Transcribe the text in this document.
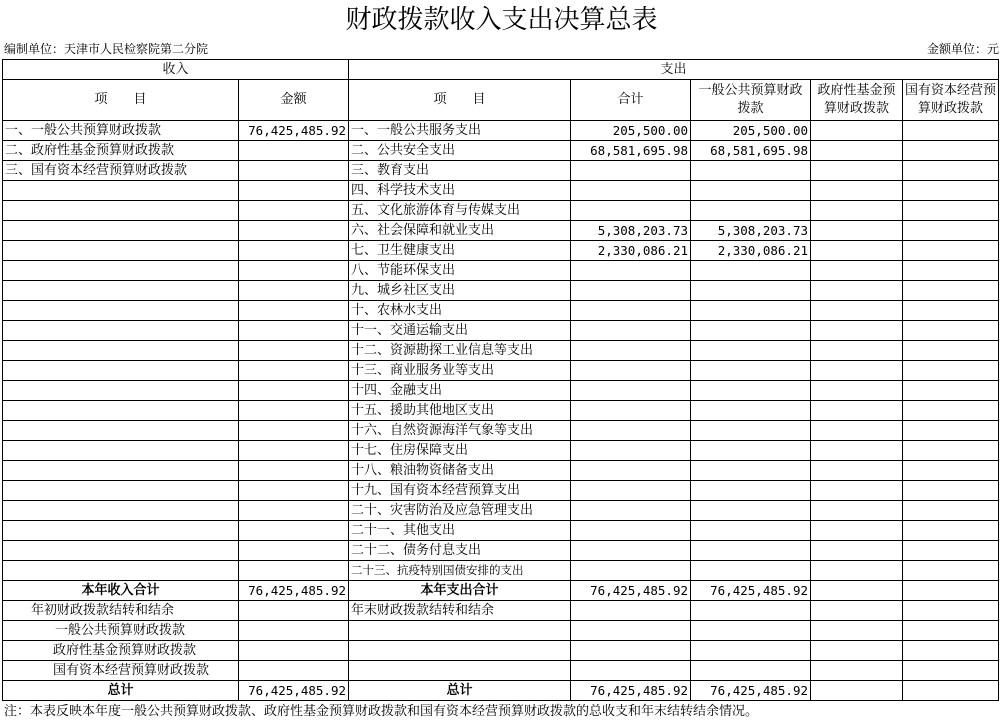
财政拨款收入支出决算总表
编制单位：天津市人民检察院第二分院	金额单位：元
收入		支出				
项　　目	金额	项　　目	合计	一般公共预算财政拨款	政府性基金预算财政拨款	国有资本经营预算财政拨款
一、一般公共预算财政拨款	76,425,485.92	一、一般公共服务支出	205,500.00	205,500.00		
二、政府性基金预算财政拨款		二、公共安全支出	68,581,695.98	68,581,695.98		
三、国有资本经营预算财政拨款		三、教育支出				
		四、科学技术支出				
		五、文化旅游体育与传媒支出				
		六、社会保障和就业支出	5,308,203.73	5,308,203.73		
		七、卫生健康支出	2,330,086.21	2,330,086.21		
		八、节能环保支出				
		九、城乡社区支出				
		十、农林水支出				
		十一、交通运输支出				
		十二、资源勘探工业信息等支出				
		十三、商业服务业等支出				
		十四、金融支出				
		十五、援助其他地区支出				
		十六、自然资源海洋气象等支出				
		十七、住房保障支出				
		十八、粮油物资储备支出				
		十九、国有资本经营预算支出				
		二十、灾害防治及应急管理支出				
		二十一、其他支出				
		二十二、债务付息支出				
		二十三、抗疫特别国债安排的支出				
本年收入合计	76,425,485.92	本年支出合计	76,425,485.92	76,425,485.92		
年初财政拨款结转和结余		年末财政拨款结转和结余				
一般公共预算财政拨款						
政府性基金预算财政拨款						
国有资本经营预算财政拨款						
总计	76,425,485.92	总计	76,425,485.92	76,425,485.92		
注：本表反映本年度一般公共预算财政拨款、政府性基金预算财政拨款和国有资本经营预算财政拨款的总收支和年末结转结余情况。
